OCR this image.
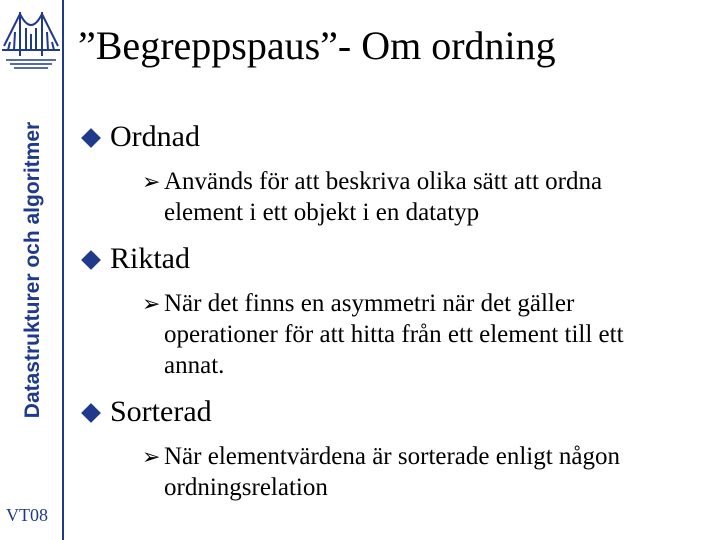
Datastrukturer och algoritmer
VT08
”Begreppspaus”- Om ordning
Ordnad
➢ Används för att beskriva olika sätt att ordna element i ett objekt i en datatyp
Riktad
➢ När det finns en asymmetri när det gäller operationer för att hitta från ett element till ett annat.
Sorterad
➢ När elementvärdena är sorterade enligt någon ordningsrelation
